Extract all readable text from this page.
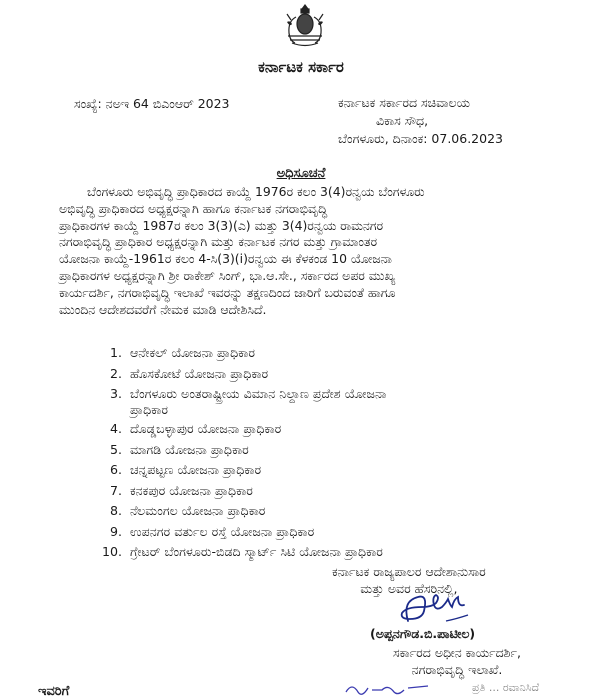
ಕರ್ನಾಟಕ ಸರ್ಕಾರ
ಸಂಖ್ಯೆ: ನಅಇ 64 ಬಿಎಂಆರ್ 2023	ಕರ್ನಾಟಕ ಸರ್ಕಾರದ ಸಚಿವಾಲಯ
ವಿಕಾಸ ಸೌಧ,
ಬೆಂಗಳೂರು, ದಿನಾಂಕ: 07.06.2023
ಅಧಿಸೂಚನೆ
ಬೆಂಗಳೂರು ಅಭಿವೃದ್ಧಿ ಪ್ರಾಧಿಕಾರದ ಕಾಯ್ದೆ 1976ರ ಕಲಂ 3(4)ರನ್ವಯ ಬೆಂಗಳೂರು
ಅಭಿವೃದ್ಧಿ ಪ್ರಾಧಿಕಾರದ ಅಧ್ಯಕ್ಷರನ್ನಾಗಿ ಹಾಗೂ ಕರ್ನಾಟಕ ನಗರಾಭಿವೃದ್ಧಿ
ಪ್ರಾಧಿಕಾರಗಳ ಕಾಯ್ದೆ 1987ರ ಕಲಂ 3(3)(ಎ) ಮತ್ತು 3(4)ರನ್ವಯ ರಾಮನಗರ
ನಗರಾಭಿವೃದ್ಧಿ ಪ್ರಾಧಿಕಾರ ಅಧ್ಯಕ್ಷರನ್ನಾಗಿ ಮತ್ತು ಕರ್ನಾಟಕ ನಗರ ಮತ್ತು ಗ್ರಾಮಾಂತರ
ಯೋಜನಾ ಕಾಯ್ದೆ-1961ರ ಕಲಂ 4-ಸಿ(3)(i)ರನ್ವಯ ಈ ಕೆಳಕಂಡ 10 ಯೋಜನಾ
ಪ್ರಾಧಿಕಾರಗಳ ಅಧ್ಯಕ್ಷರನ್ನಾಗಿ ಶ್ರೀ ರಾಕೇಶ್ ಸಿಂಗ್, ಭಾ.ಆ.ಸೇ., ಸರ್ಕಾರದ ಅಪರ ಮುಖ್ಯ
ಕಾರ್ಯದರ್ಶಿ, ನಗರಾಭಿವೃದ್ಧಿ ಇಲಾಖೆ ಇವರನ್ನು ತಕ್ಷಣದಿಂದ ಜಾರಿಗೆ ಬರುವಂತೆ ಹಾಗೂ
ಮುಂದಿನ ಆದೇಶದವರೆಗೆ ನೇಮಕ ಮಾಡಿ ಆದೇಶಿಸಿದೆ.
1. ಆನೇಕಲ್ ಯೋಜನಾ ಪ್ರಾಧಿಕಾರ
2. ಹೊಸಕೋಟೆ ಯೋಜನಾ ಪ್ರಾಧಿಕಾರ
3. ಬೆಂಗಳೂರು ಅಂತರಾಷ್ಟ್ರೀಯ ವಿಮಾನ ನಿಲ್ದಾಣ ಪ್ರದೇಶ ಯೋಜನಾ
ಪ್ರಾಧಿಕಾರ
4. ದೊಡ್ಡಬಳ್ಳಾಪುರ ಯೋಜನಾ ಪ್ರಾಧಿಕಾರ
5. ಮಾಗಡಿ ಯೋಜನಾ ಪ್ರಾಧಿಕಾರ
6. ಚನ್ನಪಟ್ಟಣ ಯೋಜನಾ ಪ್ರಾಧಿಕಾರ
7. ಕನಕಪುರ ಯೋಜನಾ ಪ್ರಾಧಿಕಾರ
8. ನೆಲಮಂಗಲ ಯೋಜನಾ ಪ್ರಾಧಿಕಾರ
9. ಉಪನಗರ ವರ್ತುಲ ರಸ್ತೆ ಯೋಜನಾ ಪ್ರಾಧಿಕಾರ
10. ಗ್ರೇಟರ್ ಬೆಂಗಳೂರು-ಬಿಡದಿ ಸ್ಮಾರ್ಟ್ ಸಿಟಿ ಯೋಜನಾ ಪ್ರಾಧಿಕಾರ
ಕರ್ನಾಟಕ ರಾಜ್ಯಪಾಲರ ಆದೇಶಾನುಸಾರ
ಮತ್ತು ಅವರ ಹೆಸರಿನಲ್ಲಿ,
(ಅಪ್ಪನಗೌಡ.ಬಿ.ಪಾಟೀಲ)
ಸರ್ಕಾರದ ಅಧೀನ ಕಾರ್ಯದರ್ಶಿ,
ನಗರಾಭಿವೃದ್ಧಿ ಇಲಾಖೆ.
ಇವರಿಗೆ	ಪ್ರತಿ ... ರವಾನಿಸಿದೆ
